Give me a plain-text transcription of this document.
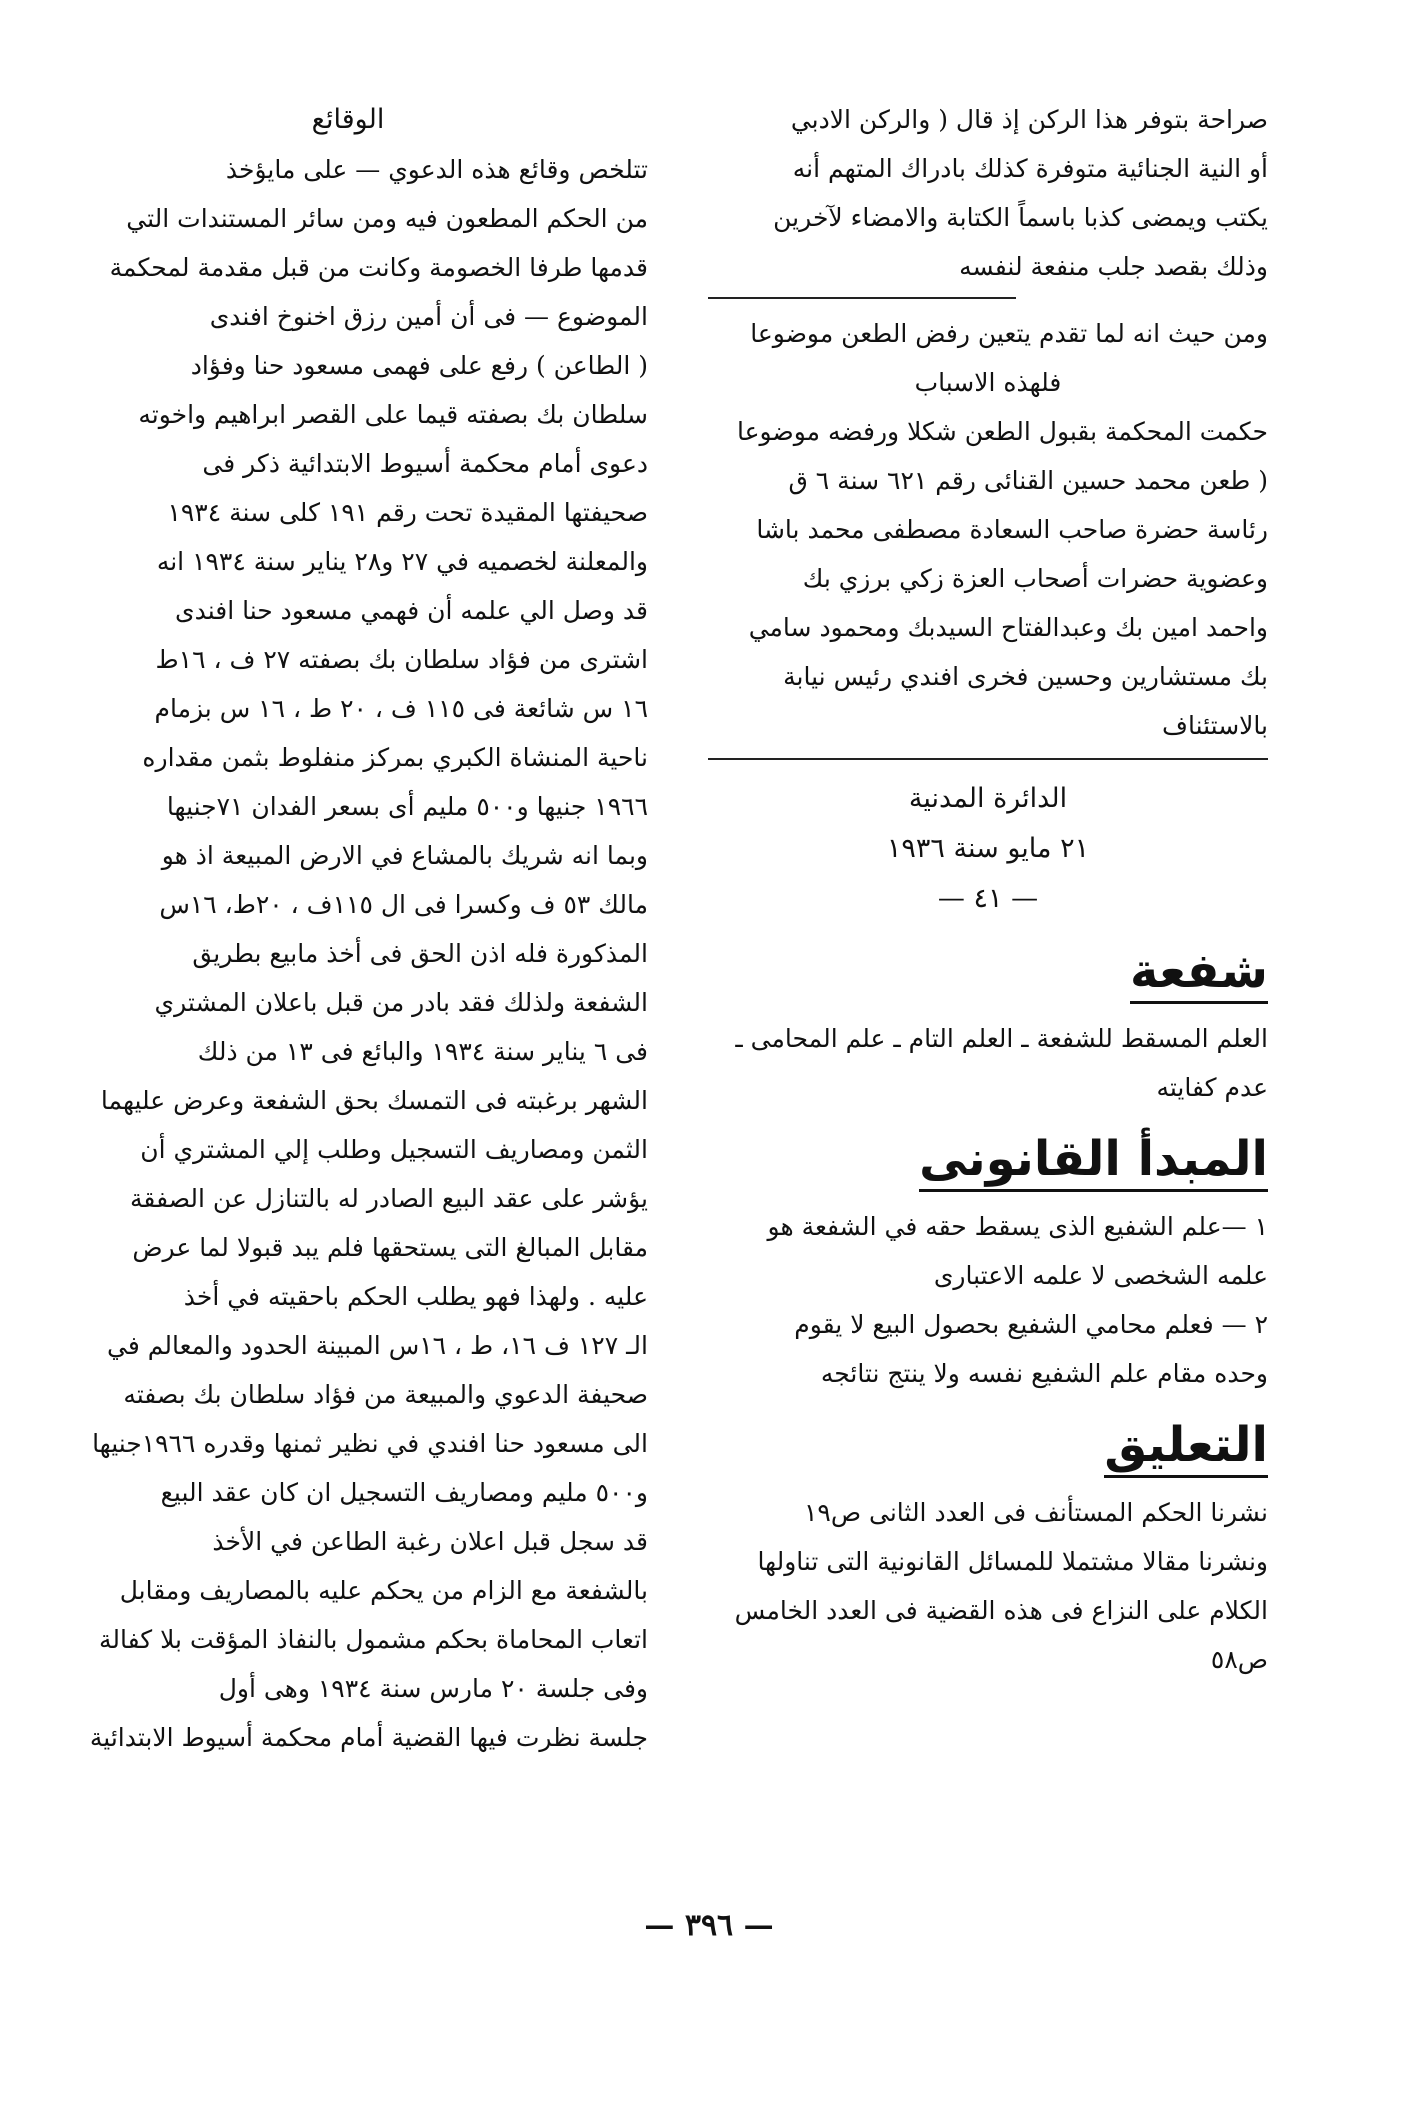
صراحة بتوفر هذا الركن إذ قال ( والركن الادبي

أو النية الجنائية متوفرة كذلك بادراك المتهم أنه

يكتب ويمضى كذبا باسماً الكتابة والامضاء لآخرين

وذلك بقصد جلب منفعة لنفسه

ومن حيث انه لما تقدم يتعين رفض الطعن موضوعا

فلهذه الاسباب

حكمت المحكمة بقبول الطعن شكلا ورفضه موضوعا

( طعن محمد حسين القنائى رقم ٦٢١ سنة ٦ ق

رئاسة حضرة صاحب السعادة مصطفى محمد باشا

وعضوية حضرات أصحاب العزة زكي برزي بك

واحمد امين بك وعبدالفتاح السيدبك ومحمود سامي

بك مستشارين وحسين فخرى افندي رئيس نيابة

بالاستئناف

الدائرة المدنية

٢١ مايو سنة ١٩٣٦

— ٤١ —

شفعة

العلم المسقط للشفعة ـ العلم التام ـ علم المحامى ـ

عدم كفايته

المبدأ القانونى

١ —علم الشفيع الذى يسقط حقه في الشفعة هو

علمه الشخصى لا علمه الاعتبارى

٢ — فعلم محامي الشفيع بحصول البيع لا يقوم

وحده مقام علم الشفيع نفسه ولا ينتج نتائجه

التعليق

نشرنا الحكم المستأنف فى العدد الثانى ص١٩

ونشرنا مقالا مشتملا للمسائل القانونية التى تناولها

الكلام على النزاع فى هذه القضية فى العدد الخامس

ص٥٨

الوقائع

تتلخص وقائع هذه الدعوي — على مايؤخذ

من الحكم المطعون فيه ومن سائر المستندات التي

قدمها طرفا الخصومة وكانت من قبل مقدمة لمحكمة

الموضوع — فى أن أمين رزق اخنوخ افندى

( الطاعن ) رفع على فهمى مسعود حنا وفؤاد

سلطان بك بصفته قيما على القصر ابراهيم واخوته

دعوى أمام محكمة أسيوط الابتدائية ذكر فى

صحيفتها المقيدة تحت رقم ١٩١ كلى سنة ١٩٣٤

والمعلنة لخصميه في ٢٧ و٢٨ يناير سنة ١٩٣٤ انه

قد وصل الي علمه أن فهمي مسعود حنا افندى

اشترى من فؤاد سلطان بك بصفته ٢٧ ف ، ١٦ط

١٦ س شائعة فى ١١٥ ف ، ٢٠ ط ، ١٦ س بزمام

ناحية المنشاة الكبري بمركز منفلوط بثمن مقداره

١٩٦٦ جنيها و٥٠٠ مليم أى بسعر الفدان ٧١جنيها

وبما انه شريك بالمشاع في الارض المبيعة اذ هو

مالك ٥٣ ف وكسرا فى ال ١١٥ف ، ٢٠ط، ١٦س

المذكورة فله اذن الحق فى أخذ مابيع بطريق

الشفعة ولذلك فقد بادر من قبل باعلان المشتري

فى ٦ يناير سنة ١٩٣٤ والبائع فى ١٣ من ذلك

الشهر برغبته فى التمسك بحق الشفعة وعرض عليهما

الثمن ومصاريف التسجيل وطلب إلي المشتري أن

يؤشر على عقد البيع الصادر له بالتنازل عن الصفقة

مقابل المبالغ التى يستحقها فلم يبد قبولا لما عرض

عليه . ولهذا فهو يطلب الحكم باحقيته في أخذ

الـ ١٢٧ ف ١٦، ط ، ١٦س المبينة الحدود والمعالم في

صحيفة الدعوي والمبيعة من فؤاد سلطان بك بصفته

الى مسعود حنا افندي في نظير ثمنها وقدره ١٩٦٦جنيها

و٥٠٠ مليم ومصاريف التسجيل ان كان عقد البيع

قد سجل قبل اعلان رغبة الطاعن في الأخذ

بالشفعة مع الزام من يحكم عليه بالمصاريف ومقابل

اتعاب المحاماة بحكم مشمول بالنفاذ المؤقت بلا كفالة

وفى جلسة ٢٠ مارس سنة ١٩٣٤ وهى أول

جلسة نظرت فيها القضية أمام محكمة أسيوط الابتدائية

— ٣٩٦ —
